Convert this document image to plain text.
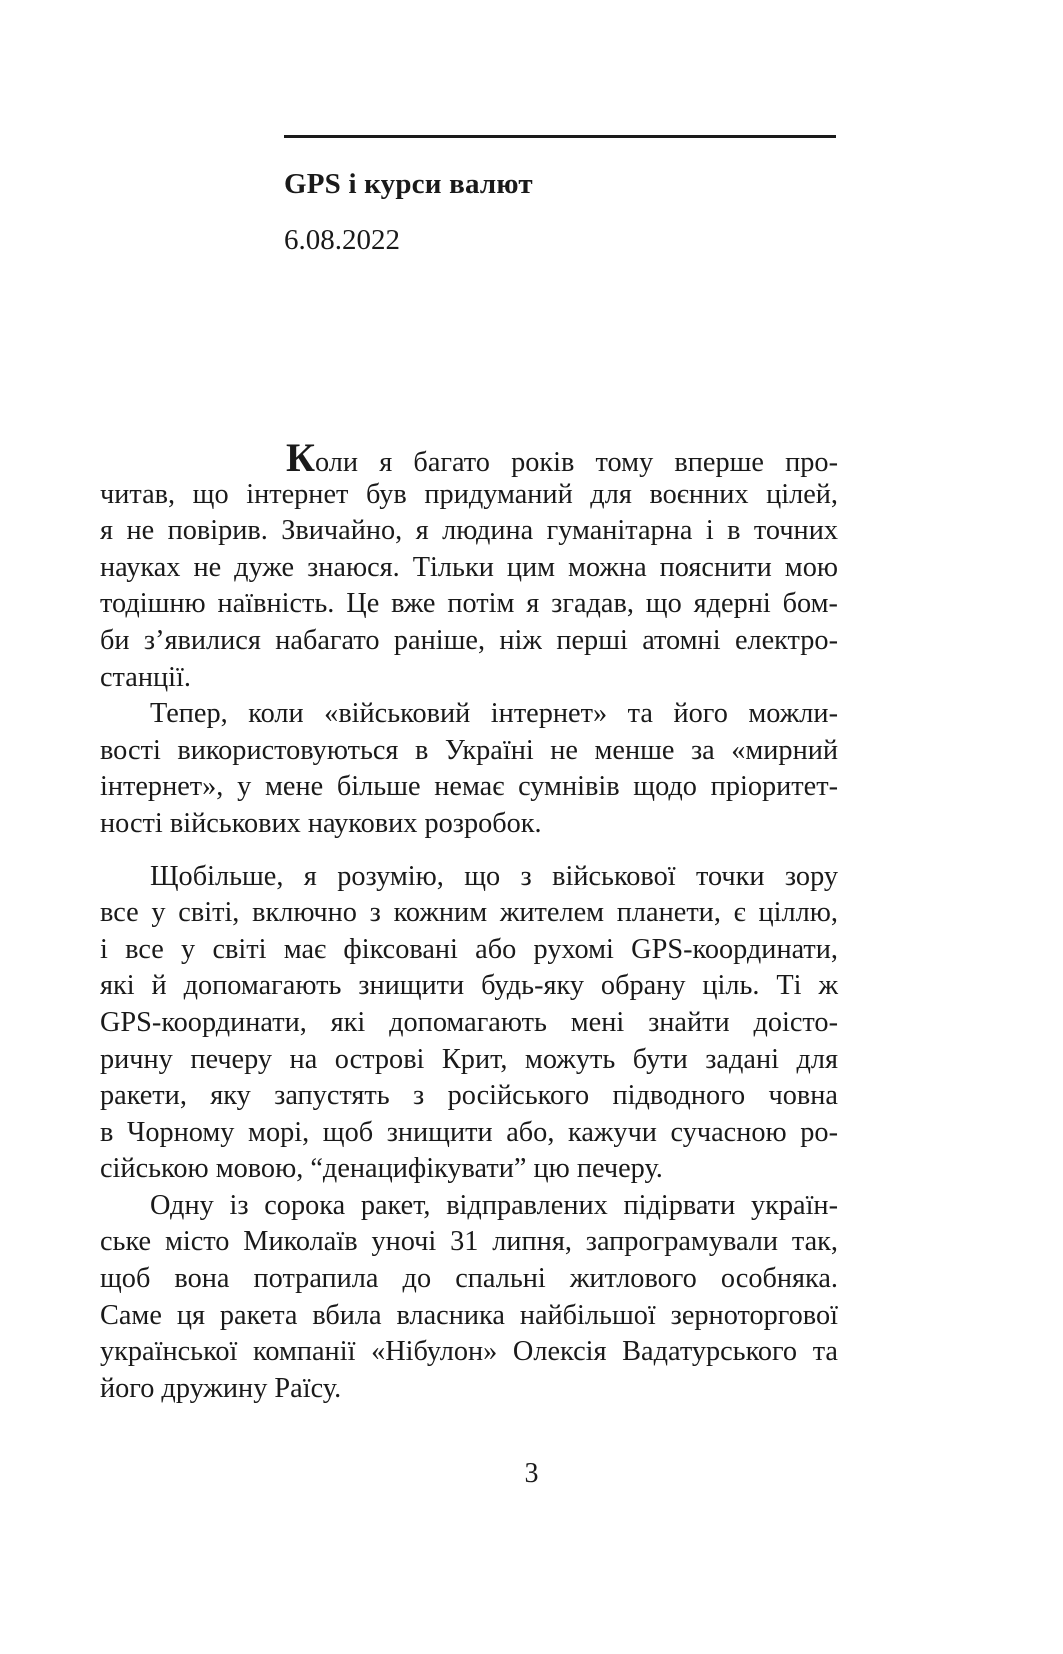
GPS і курси валют
6.08.2022
Коли я багато років тому вперше про-
читав, що інтернет був придуманий для воєнних цілей,
я не повірив. Звичайно, я людина гуманітарна і в точних
науках не дуже знаюся. Тільки цим можна пояснити мою
тодішню наївність. Це вже потім я згадав, що ядерні бом-
би з’явилися набагато раніше, ніж перші атомні електро-
станції.
Тепер, коли «військовий інтернет» та його можли-
вості використовуються в Україні не менше за «мирний
інтернет», у мене більше немає сумнівів щодо пріоритет-
ності військових наукових розробок.
Щобільше, я розумію, що з військової точки зору
все у світі, включно з кожним жителем планети, є ціллю,
і все у світі має фіксовані або рухомі GPS-координати,
які й допомагають знищити будь-яку обрану ціль. Ті ж
GPS-координати, які допомагають мені знайти доісто-
ричну печеру на острові Крит, можуть бути задані для
ракети, яку запустять з російського підводного човна
в Чорному морі, щоб знищити або, кажучи сучасною ро-
сійською мовою, “денацифікувати” цю печеру.
Одну із сорока ракет, відправлених підірвати україн-
ське місто Миколаїв уночі 31 липня, запрограмували так,
щоб вона потрапила до спальні житлового особняка.
Саме ця ракета вбила власника найбільшої зерноторгової
української компанії «Нібулон» Олексія Вадатурського та
його дружину Раїсу.
3
